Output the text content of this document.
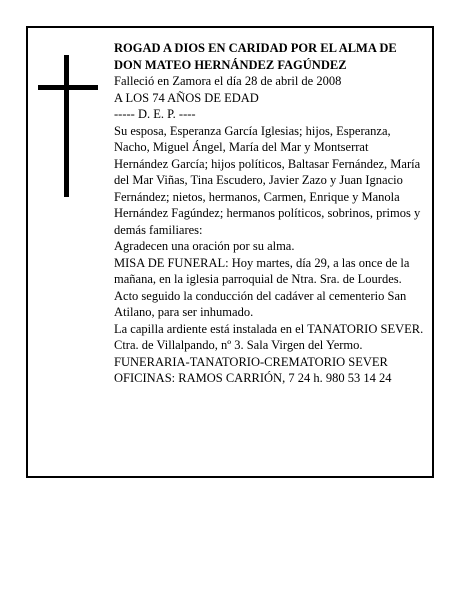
ROGAD A DIOS EN CARIDAD POR EL ALMA DE

DON MATEO HERNÁNDEZ FAGÚNDEZ

Falleció en Zamora el día 28 de abril de 2008

A LOS 74 AÑOS DE EDAD

----- D. E. P. ----

Su esposa, Esperanza García Iglesias; hijos, Esperanza, Nacho, Miguel Ángel, María del Mar y Montserrat Hernández García; hijos políticos, Baltasar Fernández, María del Mar Viñas, Tina Escudero, Javier Zazo y Juan Ignacio Fernández; nietos, hermanos, Carmen, Enrique y Manola Hernández Fagúndez; hermanos políticos, sobrinos, primos y demás familiares:

Agradecen una oración por su alma.

MISA DE FUNERAL: Hoy martes, día 29, a las once de la mañana, en la iglesia parroquial de Ntra. Sra. de Lourdes. Acto seguido la conducción del cadáver al cementerio San Atilano, para ser inhumado.

La capilla ardiente está instalada en el TANATORIO SEVER. Ctra. de Villalpando, nº 3. Sala Virgen del Yermo.

FUNERARIA-TANATORIO-CREMATORIO SEVER

OFICINAS: RAMOS CARRIÓN, 7 24 h. 980 53 14 24
